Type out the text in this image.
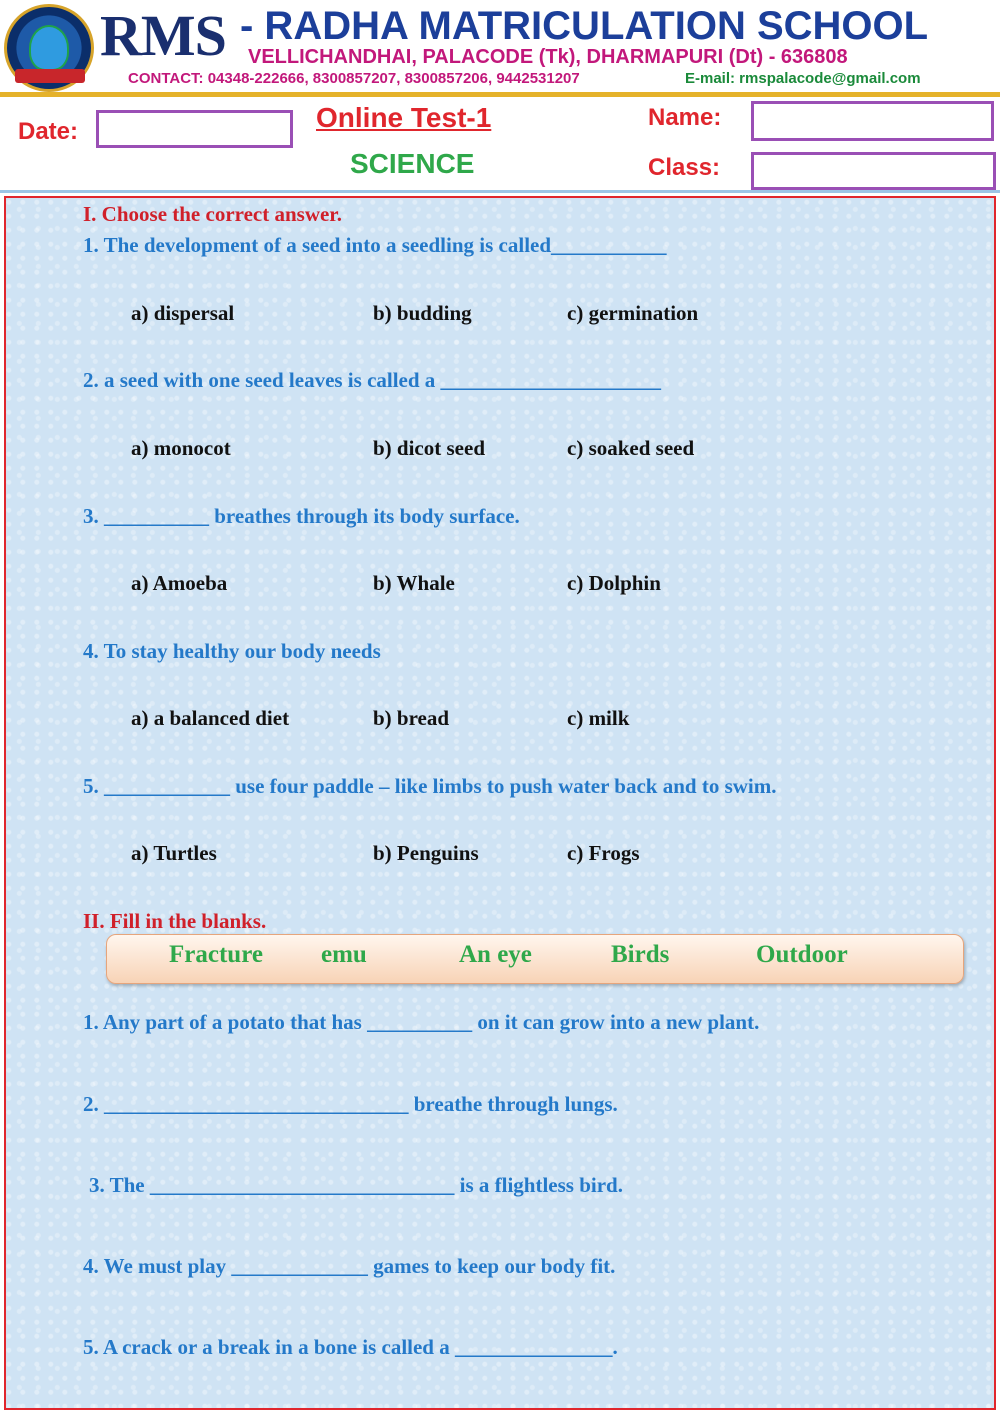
RMS - RADHA MATRICULATION SCHOOL
VELLICHANDHAI, PALACODE (Tk), DHARMAPURI (Dt) - 636808
CONTACT: 04348-222666, 8300857207, 8300857206, 9442531207	E-mail: rmspalacode@gmail.com
Date:	Online Test-1
SCIENCE
Name:
Class:
I. Choose the correct answer.
1. The development of a seed into a seedling is called___________
a) dispersal	b) budding	c) germination
2. a seed with one seed leaves is called a _____________________
a) monocot	b) dicot seed	c) soaked seed
3. __________ breathes through its body surface.
a) Amoeba	b) Whale	c) Dolphin
4. To stay healthy our body needs
a) a balanced diet	b) bread	c) milk
5. ____________ use four paddle – like limbs to push water back and to swim.
a) Turtles	b) Penguins	c) Frogs
II. Fill in the blanks.
Fracture emu	An eye	Birds	Outdoor
1. Any part of a potato that has __________ on it can grow into a new plant.
2. _____________________________ breathe through lungs.
3. The _____________________________ is a flightless bird.
4. We must play _____________ games to keep our body fit.
5. A crack or a break in a bone is called a _______________.
